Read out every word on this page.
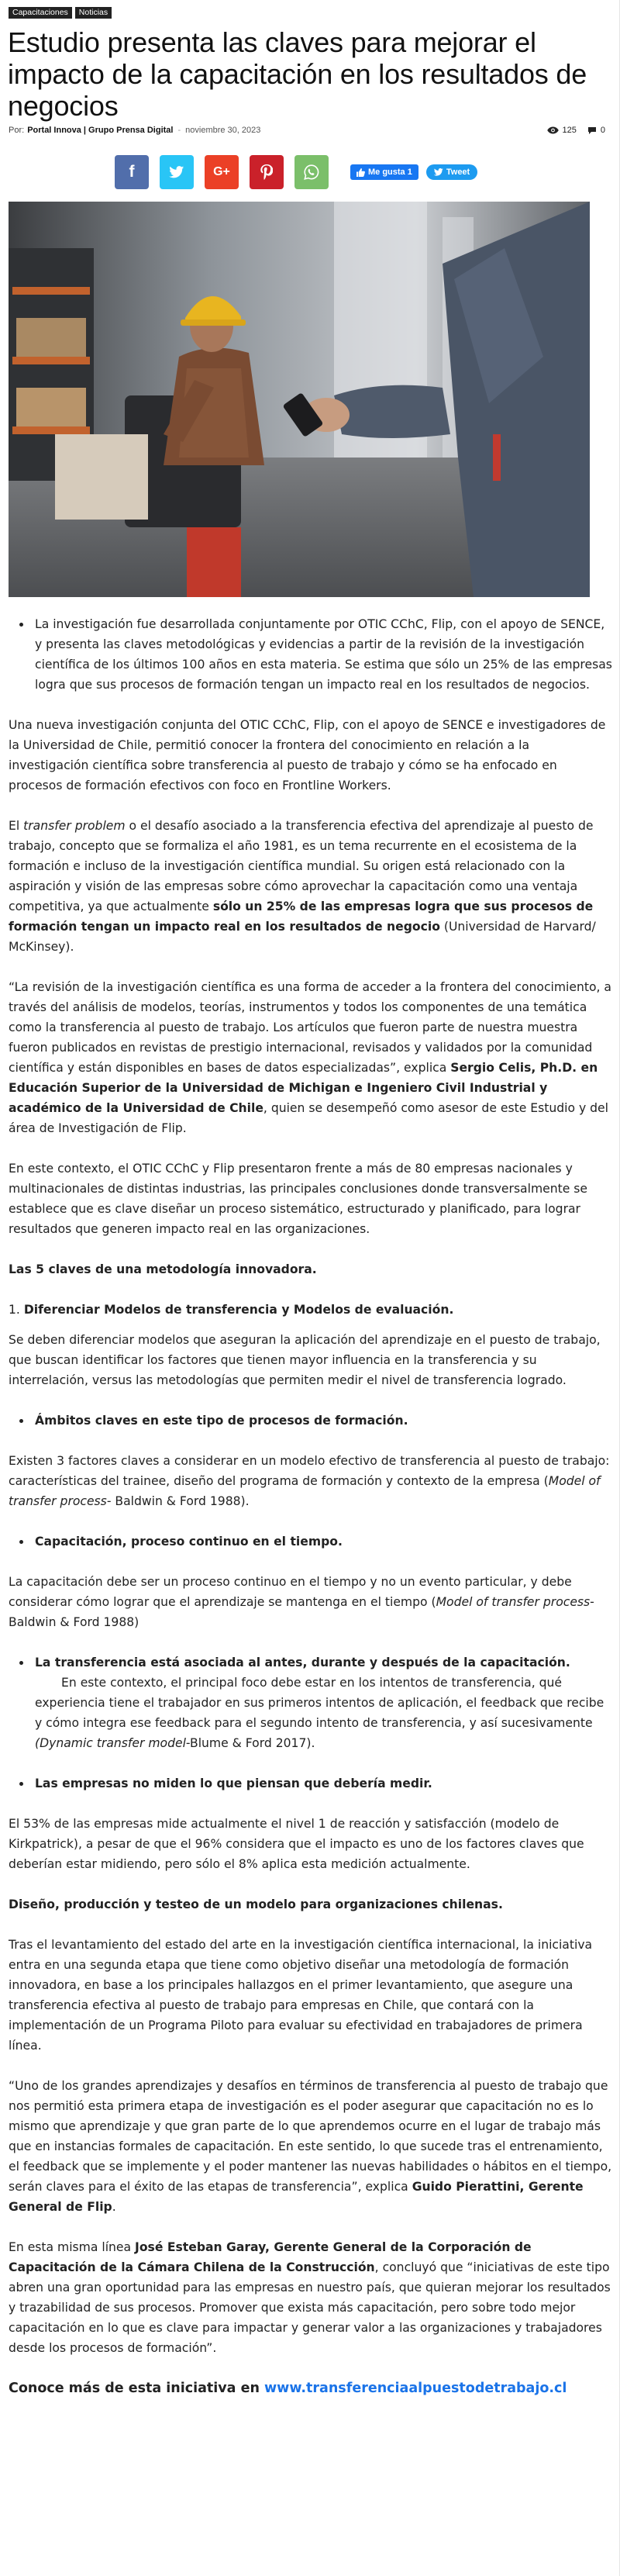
Capacitaciones	Noticias
Estudio presenta las claves para mejorar el impacto de la capacitación en los resultados de negocios
Por : Portal Innova | Grupo Prensa Digital - noviembre 30, 2023	125	0
f	G+	Me gusta 1	Tweet
• La investigación fue desarrollada conjuntamente por OTIC CChC, Flip, con el apoyo de SENCE, y presenta las claves metodológicas y evidencias a partir de la revisión de la investigación científica de los últimos 100 años en esta materia. Se estima que sólo un 25% de las empresas logra que sus procesos de formación tengan un impacto real en los resultados de negocios.

Una nueva investigación conjunta del OTIC CChC, Flip, con el apoyo de SENCE e investigadores de la Universidad de Chile, permitió conocer la frontera del conocimiento en relación a la investigación científica sobre transferencia al puesto de trabajo y cómo se ha enfocado en procesos de formación efectivos con foco en Frontline Workers.

El transfer problem o el desafío asociado a la transferencia efectiva del aprendizaje al puesto de trabajo, concepto que se formaliza el año 1981, es un tema recurrente en el ecosistema de la formación e incluso de la investigación científica mundial. Su origen está relacionado con la aspiración y visión de las empresas sobre cómo aprovechar la capacitación como una ventaja competitiva, ya que actualmente sólo un 25% de las empresas logra que sus procesos de formación tengan un impacto real en los resultados de negocio (Universidad de Harvard/ McKinsey).

“La revisión de la investigación científica es una forma de acceder a la frontera del conocimiento, a través del análisis de modelos, teorías, instrumentos y todos los componentes de una temática como la transferencia al puesto de trabajo. Los artículos que fueron parte de nuestra muestra fueron publicados en revistas de prestigio internacional, revisados y validados por la comunidad científica y están disponibles en bases de datos especializadas”, explica Sergio Celis, Ph.D. en Educación Superior de la Universidad de Michigan e Ingeniero Civil Industrial y académico de la Universidad de Chile, quien se desempeñó como asesor de este Estudio y del área de Investigación de Flip.

En este contexto, el OTIC CChC y Flip presentaron frente a más de 80 empresas nacionales y multinacionales de distintas industrias, las principales conclusiones donde transversalmente se establece que es clave diseñar un proceso sistemático, estructurado y planificado, para lograr resultados que generen impacto real en las organizaciones.

Las 5 claves de una metodología innovadora.

1. Diferenciar Modelos de transferencia y Modelos de evaluación.

Se deben diferenciar modelos que aseguran la aplicación del aprendizaje en el puesto de trabajo, que buscan identificar los factores que tienen mayor influencia en la transferencia y su interrelación, versus las metodologías que permiten medir el nivel de transferencia logrado.

• Ámbitos claves en este tipo de procesos de formación.

Existen 3 factores claves a considerar en un modelo efectivo de transferencia al puesto de trabajo: características del trainee, diseño del programa de formación y contexto de la empresa (Model of transfer process- Baldwin & Ford 1988).

• Capacitación, proceso continuo en el tiempo.

La capacitación debe ser un proceso continuo en el tiempo y no un evento particular, y debe considerar cómo lograr que el aprendizaje se mantenga en el tiempo (Model of transfer process- Baldwin & Ford 1988)

• La transferencia está asociada al antes, durante y después de la capacitación.
En este contexto, el principal foco debe estar en los intentos de transferencia, qué experiencia tiene el trabajador en sus primeros intentos de aplicación, el feedback que recibe y cómo integra ese feedback para el segundo intento de transferencia, y así sucesivamente (Dynamic transfer model-Blume & Ford 2017).
• Las empresas no miden lo que piensan que debería medir.

El 53% de las empresas mide actualmente el nivel 1 de reacción y satisfacción (modelo de Kirkpatrick), a pesar de que el 96% considera que el impacto es uno de los factores claves que deberían estar midiendo, pero sólo el 8% aplica esta medición actualmente.

Diseño, producción y testeo de un modelo para organizaciones chilenas.

Tras el levantamiento del estado del arte en la investigación científica internacional, la iniciativa entra en una segunda etapa que tiene como objetivo diseñar una metodología de formación innovadora, en base a los principales hallazgos en el primer levantamiento, que asegure una transferencia efectiva al puesto de trabajo para empresas en Chile, que contará con la implementación de un Programa Piloto para evaluar su efectividad en trabajadores de primera línea.

“Uno de los grandes aprendizajes y desafíos en términos de transferencia al puesto de trabajo que nos permitió esta primera etapa de investigación es el poder asegurar que capacitación no es lo mismo que aprendizaje y que gran parte de lo que aprendemos ocurre en el lugar de trabajo más que en instancias formales de capacitación. En este sentido, lo que sucede tras el entrenamiento, el feedback que se implemente y el poder mantener las nuevas habilidades o hábitos en el tiempo, serán claves para el éxito de las etapas de transferencia”, explica Guido Pierattini, Gerente General de Flip.

En esta misma línea José Esteban Garay, Gerente General de la Corporación de Capacitación de la Cámara Chilena de la Construcción, concluyó que “iniciativas de este tipo abren una gran oportunidad para las empresas en nuestro país, que quieran mejorar los resultados y trazabilidad de sus procesos. Promover que exista más capacitación, pero sobre todo mejor capacitación en lo que es clave para impactar y generar valor a las organizaciones y trabajadores desde los procesos de formación”.

Conoce más de esta iniciativa en www.transferenciaalpuestodetrabajo.cl
